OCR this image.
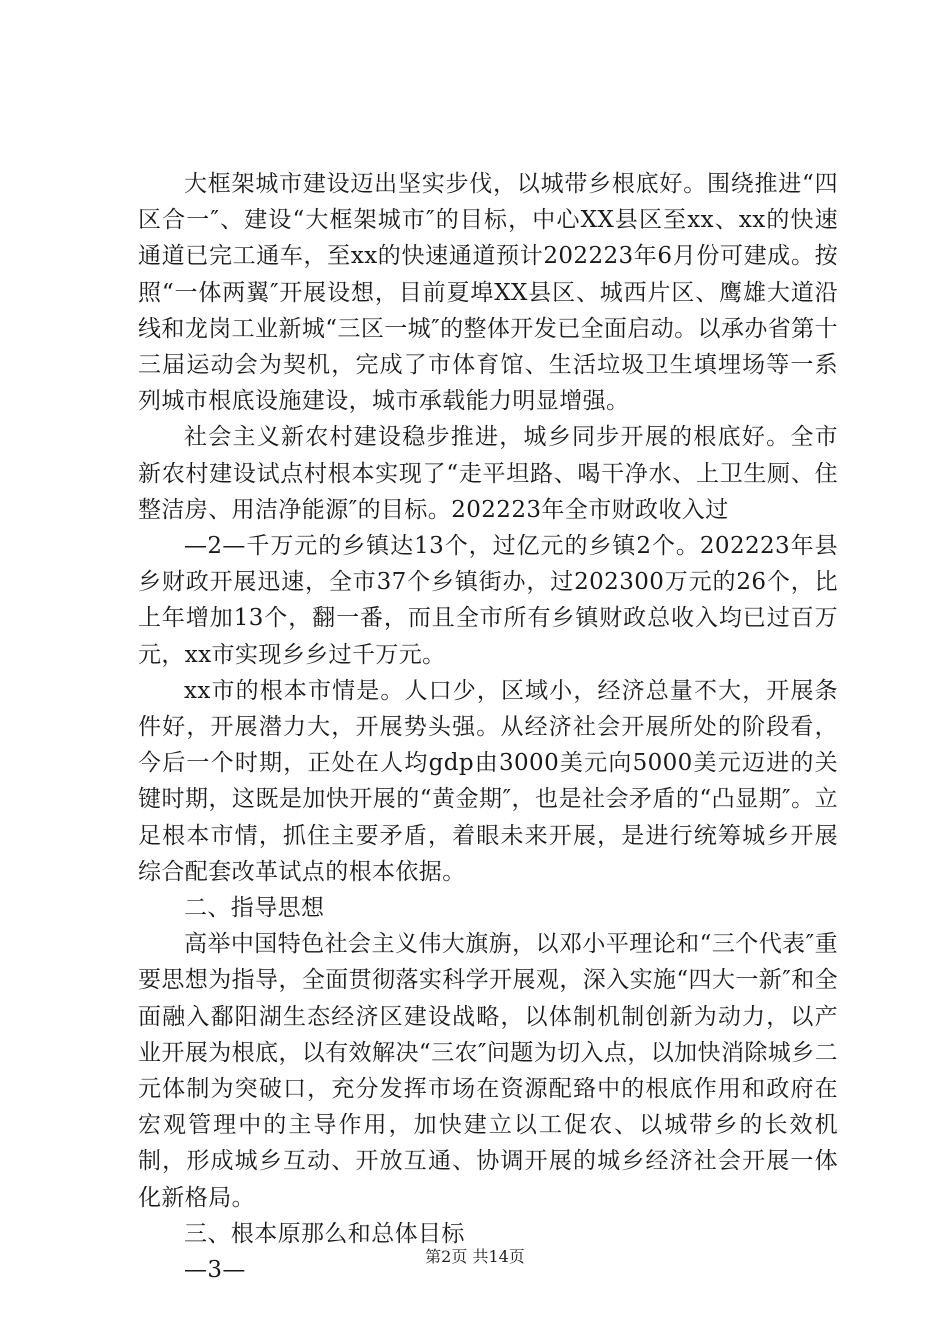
大框架城市建设迈出坚实步伐，以城带乡根底好。围绕推进“四区合一″、建设“大框架城市″的目标，中心XX县区至xx、xx的快速通道已完工通车，至xx的快速通道预计202223年6月份可建成。按照“一体两翼″开展设想，目前夏埠XX县区、城西片区、鹰雄大道沿线和龙岗工业新城“三区一城″的整体开发已全面启动。以承办省第十三届运动会为契机，完成了市体育馆、生活垃圾卫生填埋场等一系列城市根底设施建设，城市承载能力明显增强。

社会主义新农村建设稳步推进，城乡同步开展的根底好。全市新农村建设试点村根本实现了“走平坦路、喝干净水、上卫生厕、住整洁房、用洁净能源″的目标。202223年全市财政收入过

—2—千万元的乡镇达13个，过亿元的乡镇2个。202223年县乡财政开展迅速，全市37个乡镇街办，过202300万元的26个，比上年增加13个，翻一番，而且全市所有乡镇财政总收入均已过百万元，xx市实现乡乡过千万元。

xx市的根本市情是。人口少，区域小，经济总量不大，开展条件好，开展潜力大，开展势头强。从经济社会开展所处的阶段看，今后一个时期，正处在人均gdp由3000美元向5000美元迈进的关键时期，这既是加快开展的“黄金期″，也是社会矛盾的“凸显期″。立足根本市情，抓住主要矛盾，着眼未来开展，是进行统筹城乡开展综合配套改革试点的根本依据。

二、指导思想

高举中国特色社会主义伟大旗旃，以邓小平理论和“三个代表″重要思想为指导，全面贯彻落实科学开展观，深入实施“四大一新″和全面融入鄱阳湖生态经济区建设战略，以体制机制创新为动力，以产业开展为根底，以有效解决“三农″问题为切入点，以加快消除城乡二元体制为突破口，充分发挥市场在资源配臵中的根底作用和政府在宏观管理中的主导作用，加快建立以工促农、以城带乡的长效机制，形成城乡互动、开放互通、协调开展的城乡经济社会开展一体化新格局。

三、根本原那么和总体目标

—3—

第2页 共14页
